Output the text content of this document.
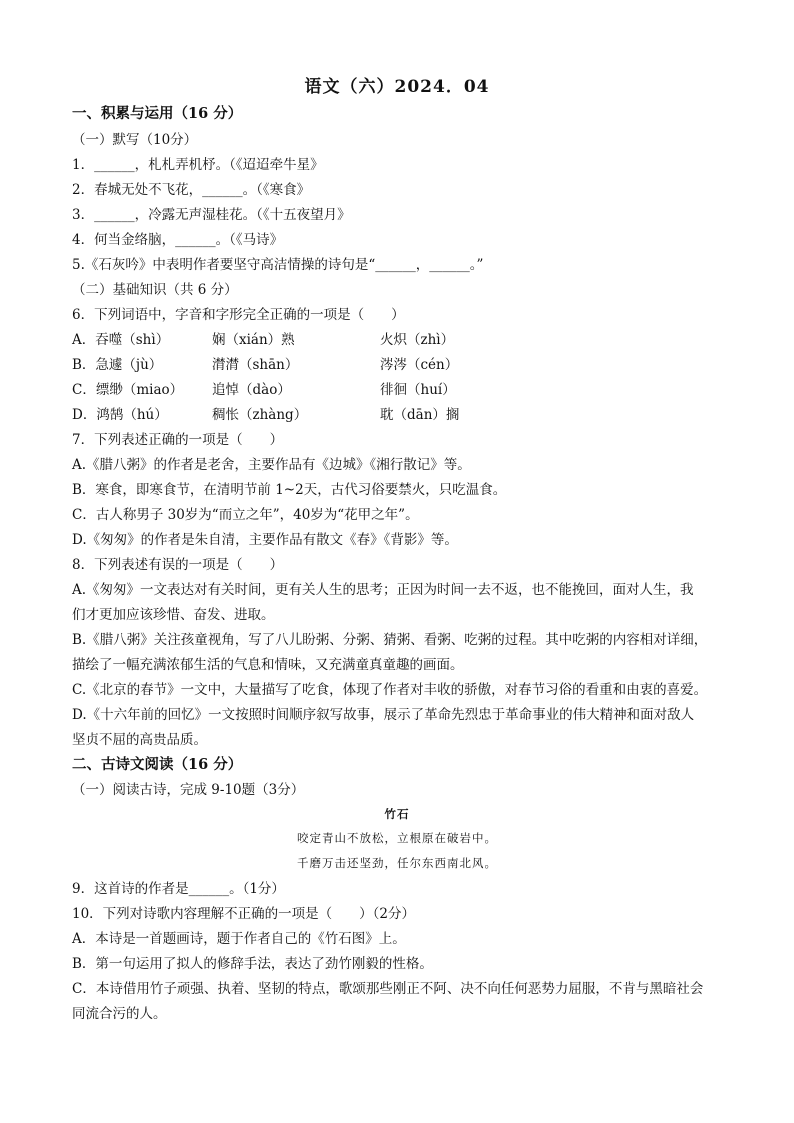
语文（六）2024．04
一、积累与运用（16 分）
（一）默写（10分）
1．______，札札弄机杼。（《迢迢牵牛星》
2．春城无处不飞花，______。（《寒食》
3．______，冷露无声湿桂花。（《十五夜望月》
4．何当金络脑，______。（《马诗》
5.《石灰吟》中表明作者要坚守高洁情操的诗句是“______，______。”
（二）基础知识（共 6 分）
6．下列词语中，字音和字形完全正确的一项是（　　）
A．吞噬（shì）	娴（xián）熟	火炽（zhì）
B．急遽（jù）	潸潸（shān）	涔涔（cén）
C．缥缈（miao） 追悼（dào）	徘徊（huí）
D．鸿鹄（hú）	稠怅（zhàng）	耽（dān）搁
7．下列表述正确的一项是（　　）
A.《腊八粥》的作者是老舍，主要作品有《边城》《湘行散记》等。
B．寒食，即寒食节，在清明节前 1~2天，古代习俗要禁火，只吃温食。
C．古人称男子 30岁为“而立之年”，40岁为“花甲之年”。
D.《匆匆》的作者是朱自清，主要作品有散文《春》《背影》等。
8．下列表述有误的一项是（　　）
A.《匆匆》一文表达对有关时间，更有关人生的思考；正因为时间一去不返，也不能挽回，面对人生，我
们才更加应该珍惜、奋发、进取。
B.《腊八粥》关注孩童视角，写了八儿盼粥、分粥、猜粥、看粥、吃粥的过程。其中吃粥的内容相对详细，
描绘了一幅充满浓郁生活的气息和情味，又充满童真童趣的画面。
C.《北京的春节》一文中，大量描写了吃食，体现了作者对丰收的骄傲，对春节习俗的看重和由衷的喜爱。
D.《十六年前的回忆》一文按照时间顺序叙写故事，展示了革命先烈忠于革命事业的伟大精神和面对敌人
坚贞不屈的高贵品质。
二、古诗文阅读（16 分）
（一）阅读古诗，完成 9-10题（3分）
竹石
咬定青山不放松，立根原在破岩中。
千磨万击还坚劲，任尔东西南北风。
9．这首诗的作者是______。（1分）
10．下列对诗歌内容理解不正确的一项是（　　）（2分）
A．本诗是一首题画诗，题于作者自己的《竹石图》上。
B．第一句运用了拟人的修辞手法，表达了劲竹刚毅的性格。
C．本诗借用竹子顽强、执着、坚韧的特点，歌颂那些刚正不阿、决不向任何恶势力屈服，不肯与黑暗社会
同流合污的人。
